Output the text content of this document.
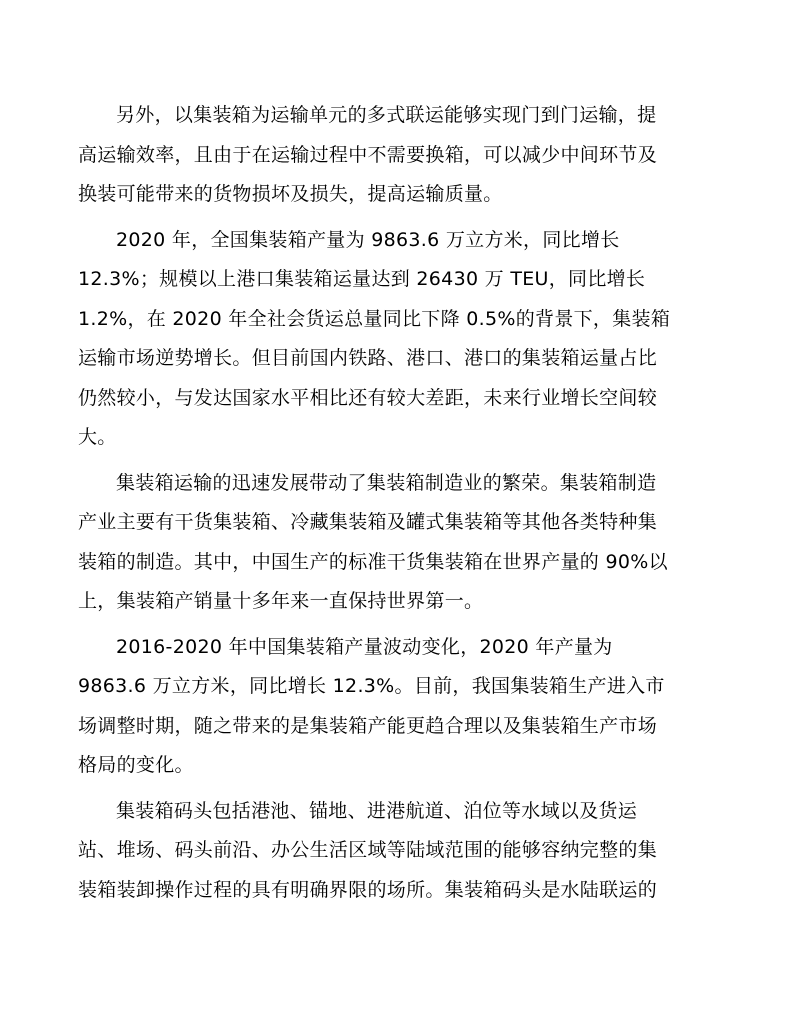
另外，以集装箱为运输单元的多式联运能够实现门到门运输，提
高运输效率，且由于在运输过程中不需要换箱，可以减少中间环节及
换装可能带来的货物损坏及损失，提高运输质量。
2020 年，全国集装箱产量为 9863.6 万立方米，同比增长
12.3%；规模以上港口集装箱运量达到 26430 万 TEU，同比增长
1.2%，在 2020 年全社会货运总量同比下降 0.5%的背景下，集装箱
运输市场逆势增长。但目前国内铁路、港口、港口的集装箱运量占比
仍然较小，与发达国家水平相比还有较大差距，未来行业增长空间较
大。
集装箱运输的迅速发展带动了集装箱制造业的繁荣。集装箱制造
产业主要有干货集装箱、冷藏集装箱及罐式集装箱等其他各类特种集
装箱的制造。其中，中国生产的标准干货集装箱在世界产量的 90%以
上，集装箱产销量十多年来一直保持世界第一。
2016-2020 年中国集装箱产量波动变化，2020 年产量为
9863.6 万立方米，同比增长 12.3%。目前，我国集装箱生产进入市
场调整时期，随之带来的是集装箱产能更趋合理以及集装箱生产市场
格局的变化。
集装箱码头包括港池、锚地、进港航道、泊位等水域以及货运
站、堆场、码头前沿、办公生活区域等陆域范围的能够容纳完整的集
装箱装卸操作过程的具有明确界限的场所。集装箱码头是水陆联运的
